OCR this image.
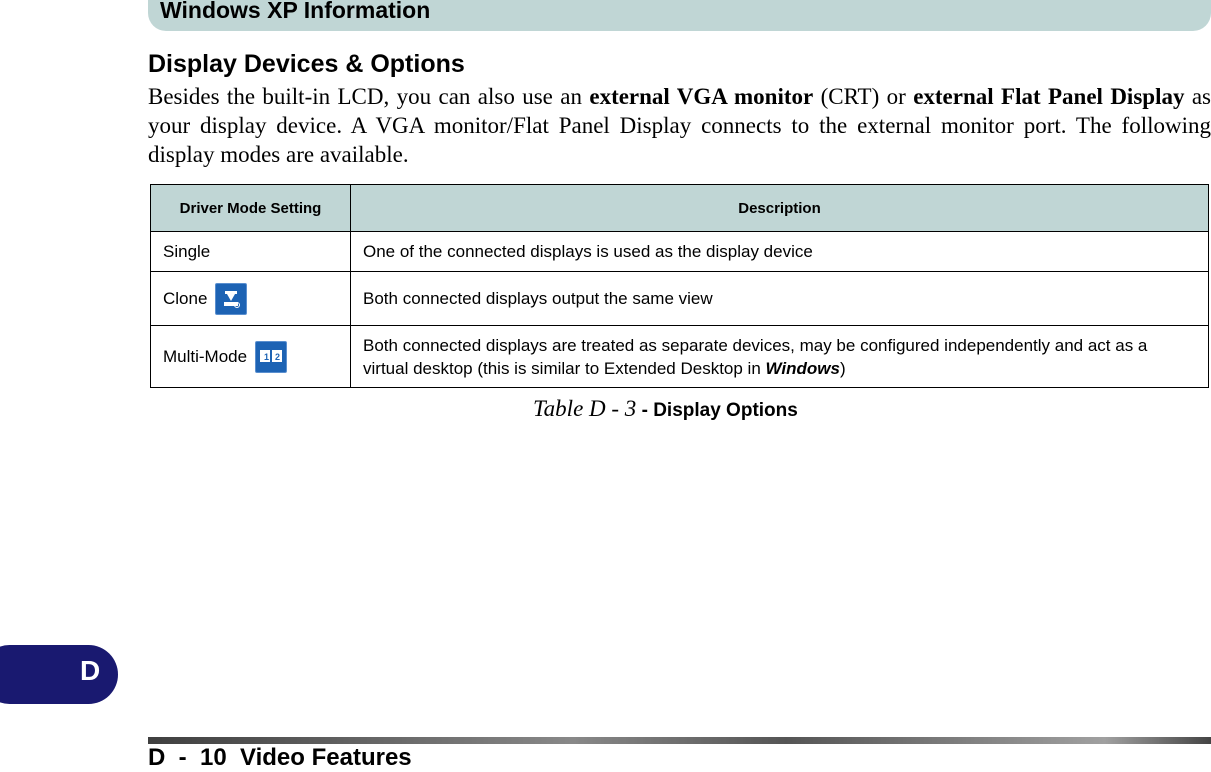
Windows XP Information
Display Devices & Options
Besides the built-in LCD, you can also use an external VGA monitor (CRT) or external Flat Panel Display as your display device. A VGA monitor/Flat Panel Display connects to the external monitor port. The following display modes are available.
Driver Mode Setting	Description
Single	One of the connected displays is used as the display device

Clone	Both connected displays output the same view

Multi-Mode 1 2	Both connected displays are treated as separate devices, may be configured independently and act as a virtual desktop (this is similar to Extended Desktop in Windows)
Table D - 3 - Display Options
D
D  -  10  Video Features
